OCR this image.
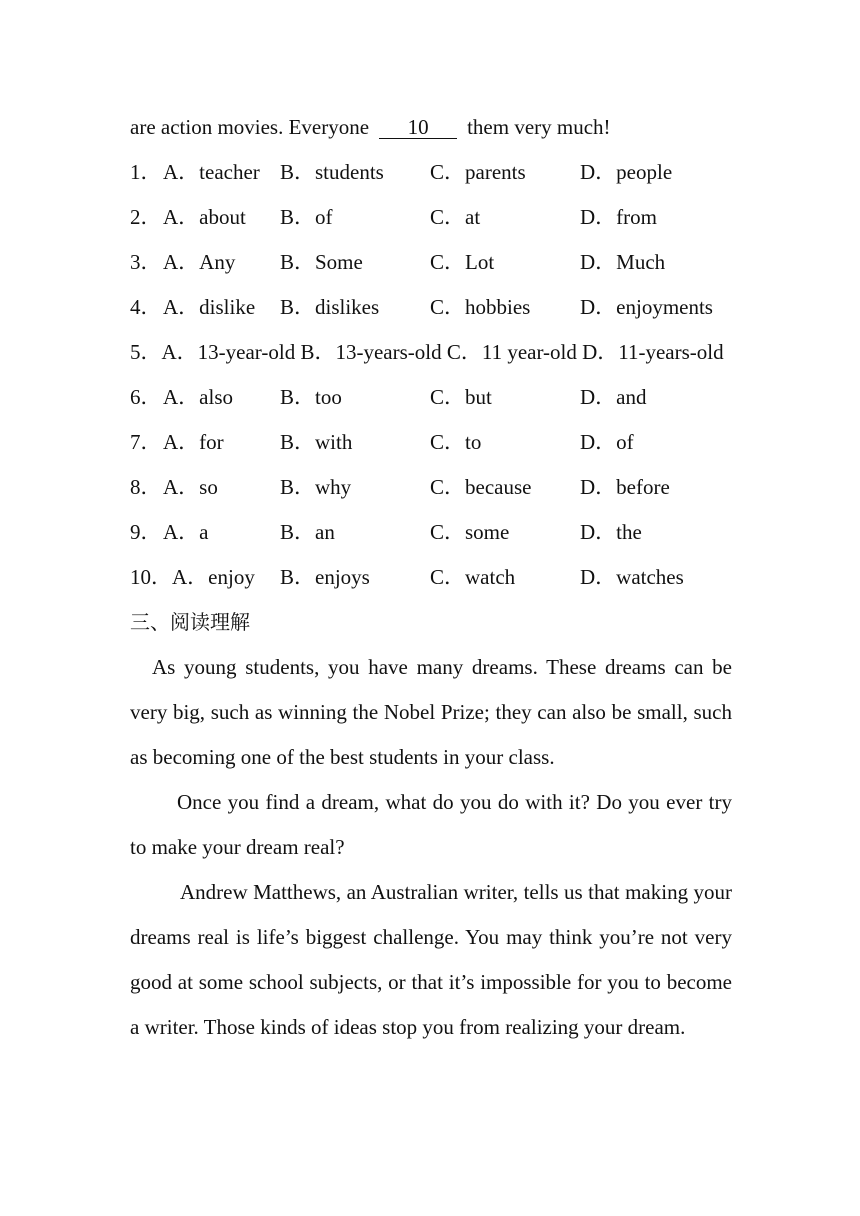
are action movies. Everyone 10 them very much!
1． A．teacher B．students C．parents	D．people
2． A．about B．of	C．at	D．from
3． A．Any B．Some	C．Lot	D．Much
4． A．dislike B．dislikes C．hobbies D．enjoyments
5．A．13-year-old B．13-years-old C．11 year-old D．11-years-old
6． A．also B．too	C．but	D．and
7． A．for	B．with	C．to	D．of
8． A．so	B．why	C．because D．before
9． A．a	B．an	C．some	D．the
10． A．enjoy B．enjoys	C．watch	D．watches
三、阅读理解
As young students, you have many dreams. These dreams can be very big, such as winning the Nobel Prize; they can also be small, such as becoming one of the best students in your class.
Once you find a dream, what do you do with it? Do you ever try to make your dream real?
Andrew Matthews, an Australian writer, tells us that making your dreams real is life’s biggest challenge. You may think you’re not very good at some school subjects, or that it’s impossible for you to become a writer. Those kinds of ideas stop you from realizing your dream.
